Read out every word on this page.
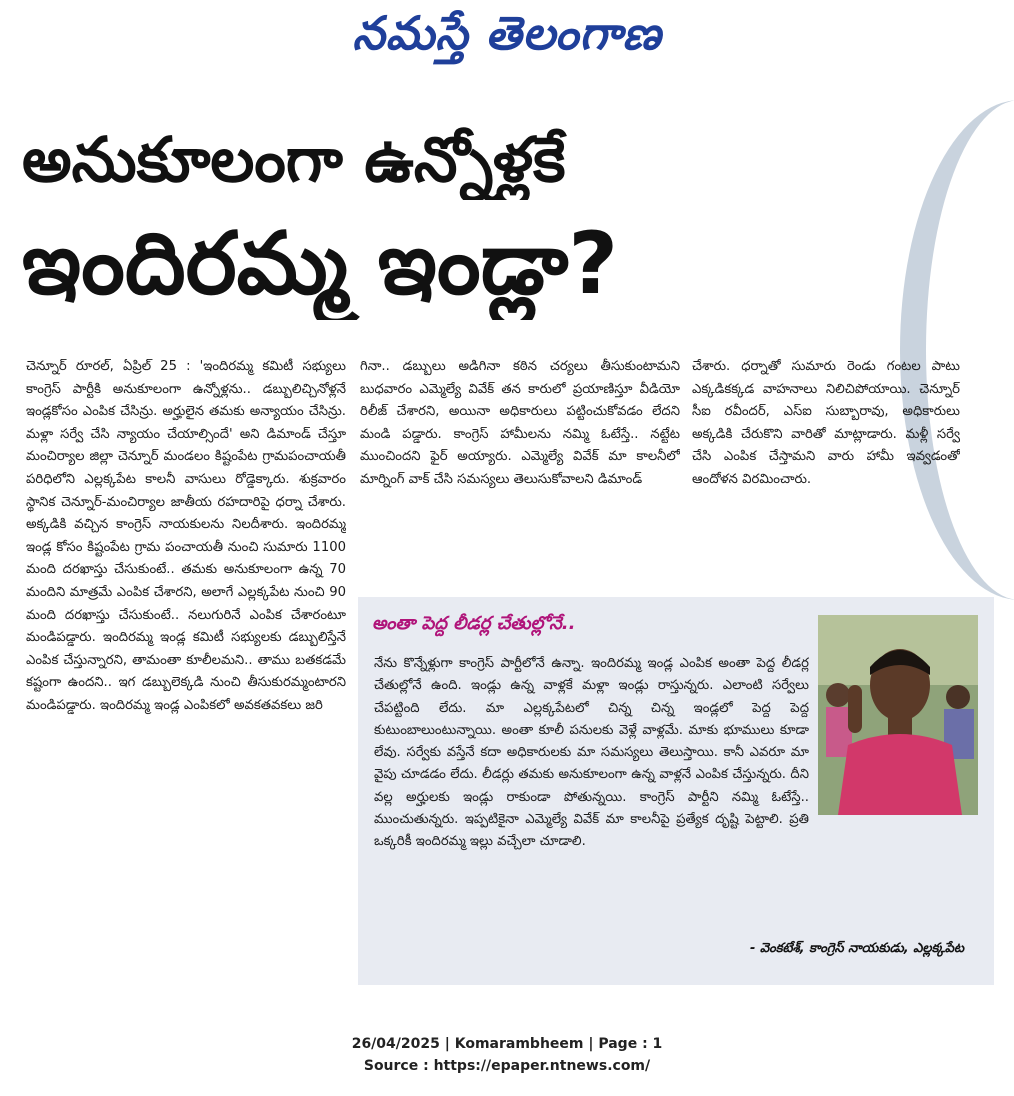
నమస్తే తెలంగాణ
అనుకూలంగా ఉన్నోళ్లకే
ఇందిరమ్మ ఇండ్లా?
చెన్నూర్ రూరల్, ఏప్రిల్ 25 : 'ఇందిరమ్మ కమిటీ సభ్యులు కాంగ్రెస్ పార్టీకి అనుకూలంగా ఉన్నోళ్లను.. డబ్బులిచ్చినోళ్లనే ఇండ్లకోసం ఎంపిక చేసిన్రు. అర్హులైన తమకు అన్యాయం చేసిన్రు. మళ్లా సర్వే చేసి న్యాయం చేయాల్సిందే' అని డిమాండ్ చేస్తూ మంచిర్యాల జిల్లా చెన్నూర్ మండలం కిష్టంపేట గ్రామపంచాయతీ పరిధిలోని ఎల్లక్కపేట కాలనీ వాసులు రోడ్డెక్కారు. శుక్రవారం స్థానిక చెన్నూర్-మంచిర్యాల జాతీయ రహదారిపై ధర్నా చేశారు. అక్కడికి వచ్చిన కాంగ్రెస్ నాయకులను నిలదీశారు. ఇందిరమ్మ ఇండ్ల కోసం కిష్టంపేట గ్రామ పంచాయతీ నుంచి సుమారు 1100 మంది దరఖాస్తు చేసుకుంటే.. తమకు అనుకూలంగా ఉన్న 70 మందిని మాత్రమే ఎంపిక చేశారని, అలాగే ఎల్లక్కపేట నుంచి 90 మంది దరఖాస్తు చేసుకుంటే.. నలుగురినే ఎంపిక చేశారంటూ మండిపడ్డారు. ఇందిరమ్మ ఇండ్ల కమిటీ సభ్యులకు డబ్బులిస్తేనే ఎంపిక చేస్తున్నారని, తామంతా కూలీలమని.. తాము బతకడమే కష్టంగా ఉందని.. ఇగ డబ్బులెక్కడి నుంచి తీసుకురమ్మంటారని మండిపడ్డారు. ఇందిరమ్మ ఇండ్ల ఎంపికలో అవకతవకలు జరి
గినా.. డబ్బులు అడిగినా కఠిన చర్యలు తీసుకుంటామని బుధవారం ఎమ్మెల్యే వివేక్ తన కారులో ప్రయాణిస్తూ వీడియో రిలీజ్ చేశారని, అయినా అధికారులు పట్టించుకోవడం లేదని మండి పడ్డారు. కాంగ్రెస్ హామీలను నమ్మి ఓటేస్తే.. నట్టేట ముంచిందని ఫైర్ అయ్యారు. ఎమ్మెల్యే వివేక్ మా కాలనీలో మార్నింగ్ వాక్ చేసి సమస్యలు తెలుసుకోవాలని డిమాండ్
చేశారు. ధర్నాతో సుమారు రెండు గంటల పాటు ఎక్కడికక్కడ వాహనాలు నిలిచిపోయాయి. చెన్నూర్ సీఐ రవీందర్, ఎస్ఐ సుబ్బారావు, అధికారులు అక్కడికి చేరుకొని వారితో మాట్లాడారు. మళ్లీ సర్వే చేసి ఎంపిక చేస్తామని వారు హామీ ఇవ్వడంతో ఆందోళన విరమించారు.
అంతా పెద్ద లీడర్ల చేతుల్లోనే..
నేను కొన్నేళ్లుగా కాంగ్రెస్ పార్టీలోనే ఉన్నా. ఇందిరమ్మ ఇండ్ల ఎంపిక అంతా పెద్ద లీడర్ల చేతుల్లోనే ఉంది. ఇండ్లు ఉన్న వాళ్లకే మళ్లా ఇండ్లు రాస్తున్నరు. ఎలాంటి సర్వేలు చేపట్టింది లేదు. మా ఎల్లక్కపేటలో చిన్న చిన్న ఇండ్లలో పెద్ద పెద్ద కుటుంబాలుంటున్నాయి. అంతా కూలీ పనులకు వెళ్లే వాళ్లమే. మాకు భూములు కూడా లేవు. సర్వేకు వస్తేనే కదా అధికారులకు మా సమస్యలు తెలుస్తాయి. కానీ ఎవరూ మా వైపు చూడడం లేదు. లీడర్లు తమకు అనుకూలంగా ఉన్న వాళ్లనే ఎంపిక చేస్తున్నరు. దీని వల్ల అర్హులకు ఇండ్లు రాకుండా పోతున్నయి. కాంగ్రెస్ పార్టీని నమ్మి ఓటేస్తే.. ముంచుతున్నరు. ఇప్పటికైనా ఎమ్మెల్యే వివేక్ మా కాలనీపై ప్రత్యేక దృష్టి పెట్టాలి. ప్రతి ఒక్కరికీ ఇందిరమ్మ ఇల్లు వచ్చేలా చూడాలి.
- వెంకటేశ్, కాంగ్రెస్ నాయకుడు, ఎల్లక్కపేట
26/04/2025 | Komarambheem | Page : 1
Source : https://epaper.ntnews.com/
